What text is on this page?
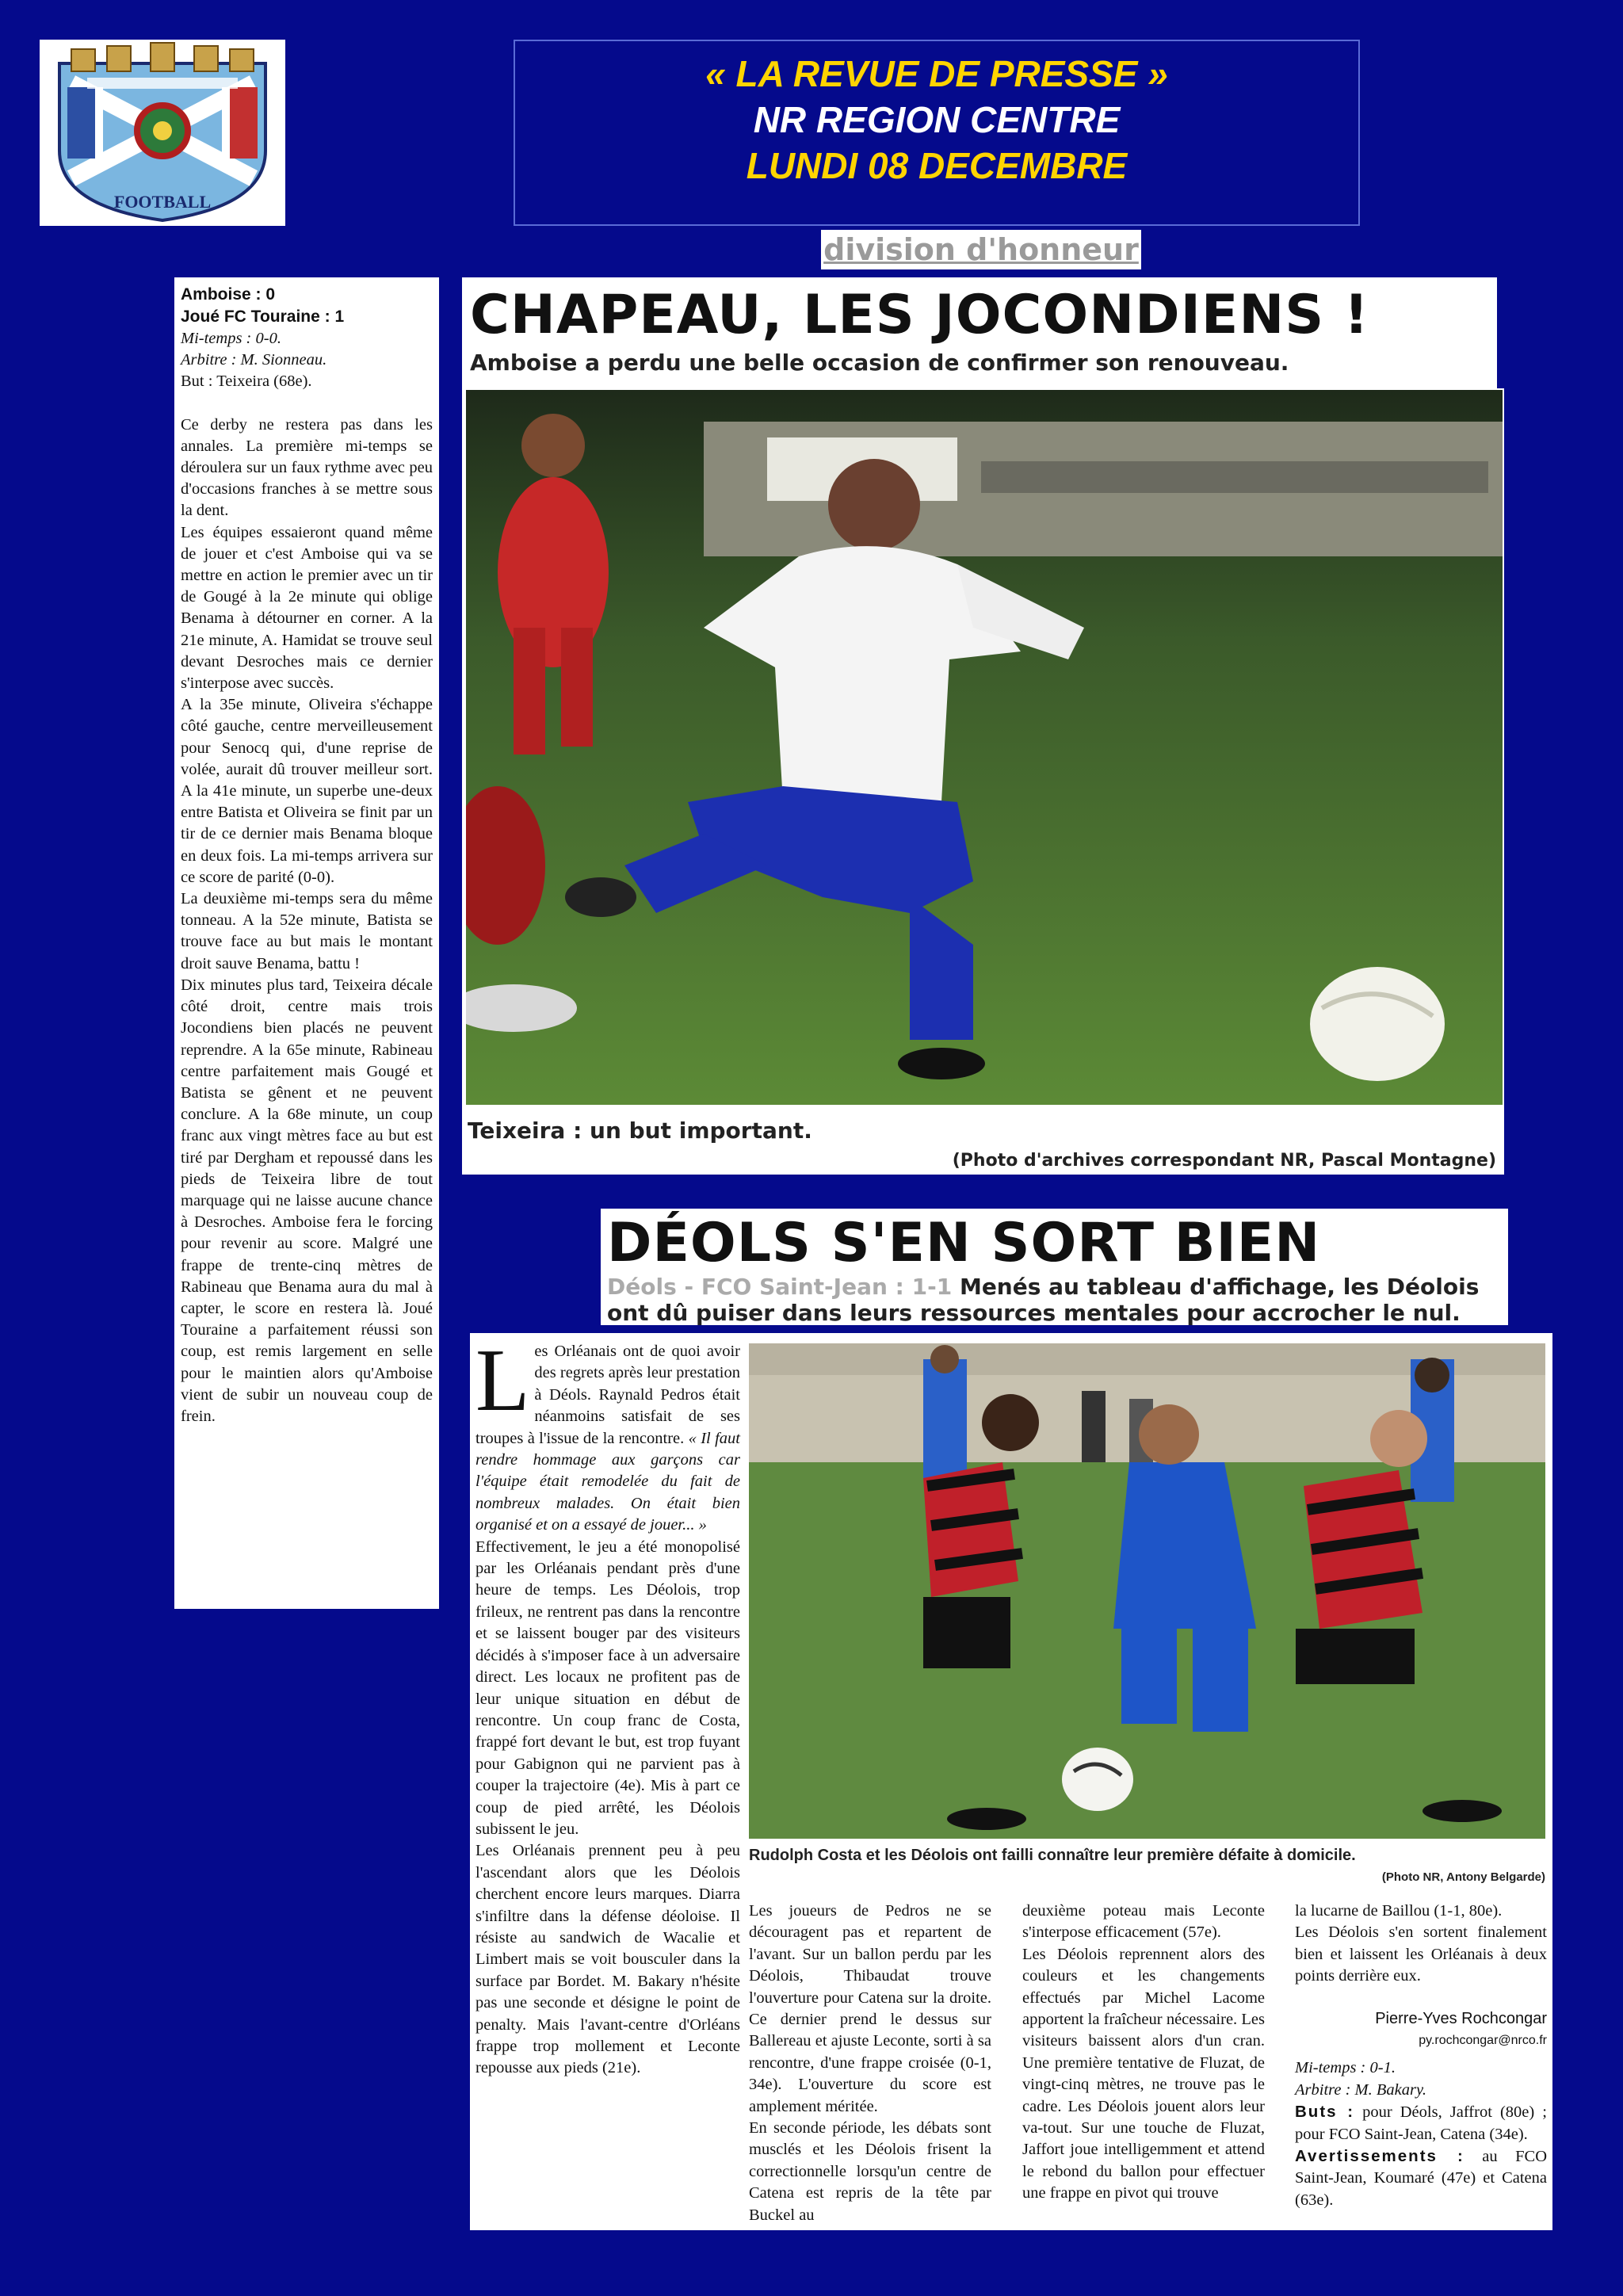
FOOTBALL
« LA REVUE DE PRESSE »
NR REGION CENTRE
LUNDI 08 DECEMBRE
division d'honneur
Amboise : 0
Joué FC Touraine : 1

Mi-temps : 0-0.

Arbitre : M. Sionneau.

But : Teixeira (68e).

Ce derby ne restera pas dans les annales. La première mi-temps se déroulera sur un faux rythme avec peu d'occasions franches à se mettre sous la dent.

Les équipes essaieront quand même de jouer et c'est Amboise qui va se mettre en action le premier avec un tir de Gougé à la 2e minute qui oblige Benama à détourner en corner. A la 21e minute, A. Hamidat se trouve seul devant Desroches mais ce dernier s'interpose avec succès.

A la 35e minute, Oliveira s'échappe côté gauche, centre merveilleusement pour Senocq qui, d'une reprise de volée, aurait dû trouver meilleur sort. A la 41e minute, un superbe une-deux entre Batista et Oliveira se finit par un tir de ce dernier mais Benama bloque en deux fois. La mi-temps arrivera sur ce score de parité (0-0).

La deuxième mi-temps sera du même tonneau. A la 52e minute, Batista se trouve face au but mais le montant droit sauve Benama, battu !

Dix minutes plus tard, Teixeira décale côté droit, centre mais trois Jocondiens bien placés ne peuvent reprendre. A la 65e minute, Rabineau centre parfaitement mais Gougé et Batista se gênent et ne peuvent conclure. A la 68e minute, un coup franc aux vingt mètres face au but est tiré par Dergham et repoussé dans les pieds de Teixeira libre de tout marquage qui ne laisse aucune chance à Desroches. Amboise fera le forcing pour revenir au score. Malgré une frappe de trente-cinq mètres de Rabineau que Benama aura du mal à capter, le score en restera là. Joué Touraine a parfaitement réussi son coup, est remis largement en selle pour le maintien alors qu'Amboise vient de subir un nouveau coup de frein.

CHAPEAU, LES JOCONDIENS !
Amboise a perdu une belle occasion de confirmer son renouveau.
Teixeira : un but important.
(Photo d'archives correspondant NR, Pascal Montagne)
DÉOLS S'EN SORT BIEN
Déols - FCO Saint-Jean : 1-1 Menés au tableau d'affichage, les Déolois ont dû puiser dans leurs ressources mentales pour accrocher le nul.
L es Orléanais ont de quoi avoir des regrets après leur prestation à Déols. Raynald Pedros était néanmoins satisfait de ses troupes à l'issue de la rencontre. « Il faut rendre hommage aux garçons car l'équipe était remodelée du fait de nombreux malades. On était bien organisé et on a essayé de jouer... »

Effectivement, le jeu a été monopolisé par les Orléanais pendant près d'une heure de temps. Les Déolois, trop frileux, ne rentrent pas dans la rencontre et se laissent bouger par des visiteurs décidés à s'imposer face à un adversaire direct. Les locaux ne profitent pas de leur unique situation en début de rencontre. Un coup franc de Costa, frappé fort devant le but, est trop fuyant pour Gabignon qui ne parvient pas à couper la trajectoire (4e). Mis à part ce coup de pied arrêté, les Déolois subissent le jeu.

Les Orléanais prennent peu à peu l'ascendant alors que les Déolois cherchent encore leurs marques. Diarra s'infiltre dans la défense déoloise. Il résiste au sandwich de Wacalie et Limbert mais se voit bousculer dans la surface par Bordet. M. Bakary n'hésite pas une seconde et désigne le point de penalty. Mais l'avant-centre d'Orléans frappe trop mollement et Leconte repousse aux pieds (21e).

Rudolph Costa et les Déolois ont failli connaître leur première défaite à domicile.
(Photo NR, Antony Belgarde)

Les joueurs de Pedros ne se découragent pas et repartent de l'avant. Sur un ballon perdu par les Déolois, Thibaudat trouve l'ouverture pour Catena sur la droite. Ce dernier prend le dessus sur Ballereau et ajuste Leconte, sorti à sa rencontre, d'une frappe croisée (0-1, 34e). L'ouverture du score est amplement méritée.

En seconde période, les débats sont musclés et les Déolois frisent la correctionnelle lorsqu'un centre de Catena est repris de la tête par Buckel au

deuxième poteau mais Leconte s'interpose efficacement (57e).

Les Déolois reprennent alors des couleurs et les changements effectués par Michel Lacome apportent la fraîcheur nécessaire. Les visiteurs baissent alors d'un cran. Une première tentative de Fluzat, de vingt-cinq mètres, ne trouve pas le cadre. Les Déolois jouent alors leur va-tout. Sur une touche de Fluzat, Jaffort joue intelligemment et attend le rebond du ballon pour effectuer une frappe en pivot qui trouve

la lucarne de Baillou (1-1, 80e).

Les Déolois s'en sortent finalement bien et laissent les Orléanais à deux points derrière eux.

Pierre-Yves Rochcongar
py.rochcongar@nrco.fr

Mi-temps : 0-1.

Arbitre : M. Bakary.

Buts : pour Déols, Jaffrot (80e) ; pour FCO Saint-Jean, Catena (34e).

Avertissements : au FCO Saint-Jean, Koumaré (47e) et Catena (63e).
